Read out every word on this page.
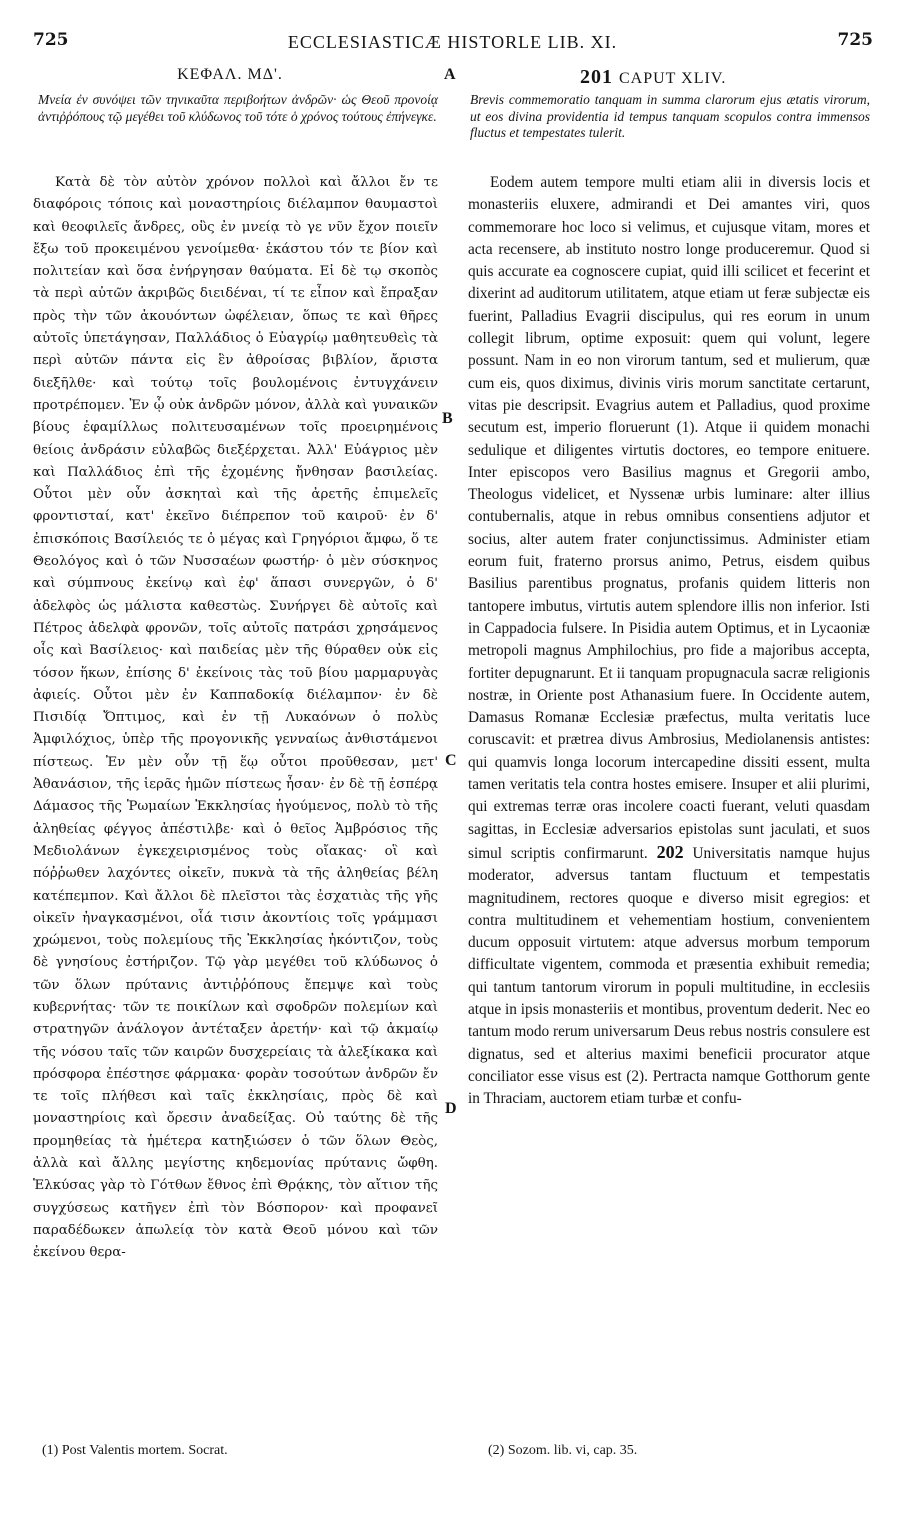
725	ECCLESIASTICÆ HISTORLE LIB. XI.	725
ΚΕΦΑΛ. ΜΔ'.	201 CAPUT XLIV.
Μνεία ἐν συνόψει τῶν τηνικαῦτα περιβοήτων ἀνδρῶν· ὡς Θεοῦ προνοίᾳ ἀντιῤῥόπους τῷ μεγέθει τοῦ κλύδωνος τοῦ τότε ὁ χρόνος τούτους ἐπήνεγκε.
Brevis commemoratio tanquam in summa clarorum ejus ætatis virorum, ut eos divina providentia id tempus tanquam scopulos contra immensos fluctus et tempestates tulerit.

Κατὰ δὲ τὸν αὐτὸν χρόνον πολλοὶ καὶ ἄλλοι ἔν τε διαφόροις τόποις καὶ μοναστηρίοις διέλαμπον θαυμαστοὶ καὶ θεοφιλεῖς ἄνδρες, οὓς ἐν μνείᾳ τὸ γε νῦν ἔχον ποιεῖν ἔξω τοῦ προκειμένου γενοίμεθα· ἑκάστου τόν τε βίον καὶ πολιτείαν καὶ ὅσα ἐνήργησαν θαύματα. Εἰ δὲ τῳ σκοπὸς τὰ περὶ αὐτῶν ἀκριβῶς διειδέναι, τί τε εἶπον καὶ ἔπραξαν πρὸς τὴν τῶν ἀκουόντων ὠφέλειαν, ὅπως τε καὶ θῆρες αὐτοῖς ὑπετάγησαν, Παλλάδιος ὁ Εὐαγρίῳ μαθητευθεὶς τὰ περὶ αὐτῶν πάντα εἰς ἓν ἀθροίσας βιβλίον, ἄριστα διεξῆλθε· καὶ τούτῳ τοῖς βουλομένοις ἐντυγχάνειν προτρέπομεν. Ἐν ᾧ οὐκ ἀνδρῶν μόνον, ἀλλὰ καὶ γυναικῶν βίους ἐφαμίλλως πολιτευσαμένων τοῖς προειρημένοις θείοις ἀνδράσιν εὐλαβῶς διεξέρχεται. Ἀλλ' Εὐάγριος μὲν καὶ Παλλάδιος ἐπὶ τῆς ἐχομένης ἤνθησαν βασιλείας. Οὗτοι μὲν οὖν ἀσκηταὶ καὶ τῆς ἀρετῆς ἐπιμελεῖς φροντισταί, κατ' ἐκεῖνο διέπρεπον τοῦ καιροῦ· ἐν δ' ἐπισκόποις Βασίλειός τε ὁ μέγας καὶ Γρηγόριοι ἄμφω, ὅ τε Θεολόγος καὶ ὁ τῶν Νυσσαέων φωστήρ· ὁ μὲν σύσκηνος καὶ σύμπνους ἐκείνῳ καὶ ἐφ' ἅπασι συνεργῶν, ὁ δ' ἀδελφὸς ὡς μάλιστα καθεστὼς. Συνήργει δὲ αὐτοῖς καὶ Πέτρος ἀδελφὰ φρονῶν, τοῖς αὐτοῖς πατράσι χρησάμενος οἷς καὶ Βασίλειος· καὶ παιδείας μὲν τῆς θύραθεν οὐκ εἰς τόσον ἥκων, ἐπίσης δ' ἐκείνοις τὰς τοῦ βίου μαρμαρυγὰς ἀφιείς. Οὗτοι μὲν ἐν Καππαδοκίᾳ διέλαμπον· ἐν δὲ Πισιδίᾳ Ὄπτιμος, καὶ ἐν τῇ Λυκαόνων ὁ πολὺς Ἀμφιλόχιος, ὑπὲρ τῆς προγονικῆς γενναίως ἀνθιστάμενοι πίστεως. Ἐν μὲν οὖν τῇ ἕῳ οὗτοι προῦθεσαν, μετ' Ἀθανάσιον, τῆς ἱερᾶς ἡμῶν πίστεως ἦσαν· ἐν δὲ τῇ ἑσπέρᾳ Δάμασος τῆς Ῥωμαίων Ἐκκλησίας ἡγούμενος, πολὺ τὸ τῆς ἀληθείας φέγγος ἀπέστιλβε· καὶ ὁ θεῖος Ἀμβρόσιος τῆς Μεδιολάνων ἐγκεχειρισμένος τοὺς οἴακας· οἳ καὶ πόῤῥωθεν λαχόντες οἰκεῖν, πυκνὰ τὰ τῆς ἀληθείας βέλη κατέπεμπον. Καὶ ἄλλοι δὲ πλεῖστοι τὰς ἐσχατιὰς τῆς γῆς οἰκεῖν ἠναγκασμένοι, οἷά τισιν ἀκοντίοις τοῖς γράμμασι χρώμενοι, τοὺς πολεμίους τῆς Ἐκκλησίας ἠκόντιζον, τοὺς δὲ γνησίους ἐστήριζον. Τῷ γὰρ μεγέθει τοῦ κλύδωνος ὁ τῶν ὅλων πρύτανις ἀντιῤῥόπους ἔπεμψε καὶ τοὺς κυβερνήτας· τῶν τε ποικίλων καὶ σφοδρῶν πολεμίων καὶ στρατηγῶν ἀνάλογον ἀντέταξεν ἀρετήν· καὶ τῷ ἀκμαίῳ τῆς νόσου ταῖς τῶν καιρῶν δυσχερείαις τὰ ἀλεξίκακα καὶ πρόσφορα ἐπέστησε φάρμακα· φορὰν τοσούτων ἀνδρῶν ἔν τε τοῖς πλήθεσι καὶ ταῖς ἐκκλησίαις, πρὸς δὲ καὶ μοναστηρίοις καὶ ὄρεσιν ἀναδείξας. Οὐ ταύτης δὲ τῆς προμηθείας τὰ ἡμέτερα κατηξιώσεν ὁ τῶν ὅλων Θεὸς, ἀλλὰ καὶ ἄλλης μεγίστης κηδεμονίας πρύτανις ὤφθη. Ἑλκύσας γὰρ τὸ Γότθων ἔθνος ἐπὶ Θρᾴκης, τὸν αἴτιον τῆς συγχύσεως κατῆγεν ἐπὶ τὸν Βόσπορον· καὶ προφανεῖ παραδέδωκεν ἀπωλείᾳ τὸν κατὰ Θεοῦ μόνου καὶ τῶν ἐκείνου θερα-

Eodem autem tempore multi etiam alii in diversis locis et monasteriis eluxere, admirandi et Dei amantes viri, quos commemorare hoc loco si velimus, et cujusque vitam, mores et acta recensere, ab instituto nostro longe produceremur. Quod si quis accurate ea cognoscere cupiat, quid illi scilicet et fecerint et dixerint ad auditorum utilitatem, atque etiam ut feræ subjectæ eis fuerint, Palladius Evagrii discipulus, qui res eorum in unum collegit librum, optime exposuit: quem qui volunt, legere possunt. Nam in eo non virorum tantum, sed et mulierum, quæ cum eis, quos diximus, divinis viris morum sanctitate certarunt, vitas pie descripsit. Evagrius autem et Palladius, quod proxime secutum est, imperio floruerunt (1). Atque ii quidem monachi sedulique et diligentes virtutis doctores, eo tempore enituere. Inter episcopos vero Basilius magnus et Gregorii ambo, Theologus videlicet, et Nyssenæ urbis luminare: alter illius contubernalis, atque in rebus omnibus consentiens adjutor et socius, alter autem frater conjunctissimus. Administer etiam eorum fuit, fraterno prorsus animo, Petrus, eisdem quibus Basilius parentibus prognatus, profanis quidem litteris non tantopere imbutus, virtutis autem splendore illis non inferior. Isti in Cappadocia fulsere. In Pisidia autem Optimus, et in Lycaoniæ metropoli magnus Amphilochius, pro fide a majoribus accepta, fortiter depugnarunt. Et ii tanquam propugnacula sacræ religionis nostræ, in Oriente post Athanasium fuere. In Occidente autem, Damasus Romanæ Ecclesiæ præfectus, multa veritatis luce coruscavit: et prætrea divus Ambrosius, Mediolanensis antistes: qui quamvis longa locorum intercapedine dissiti essent, multa tamen veritatis tela contra hostes emisere. Insuper et alii plurimi, qui extremas terræ oras incolere coacti fuerant, veluti quasdam sagittas, in Ecclesiæ adversarios epistolas sunt jaculati, et suos simul scriptis confirmarunt. 202 Universitatis namque hujus moderator, adversus tantam fluctuum et tempestatis magnitudinem, rectores quoque e diverso misit egregios: et contra multitudinem et vehementiam hostium, convenientem ducum opposuit virtutem: atque adversus morbum temporum difficultate vigentem, commoda et præsentia exhibuit remedia; qui tantum tantorum virorum in populi multitudine, in ecclesiis atque in ipsis monasteriis et montibus, proventum dederit. Nec eo tantum modo rerum universarum Deus rebus nostris consulere est dignatus, sed et alterius maximi beneficii procurator atque conciliator esse visus est (2). Pertracta namque Gotthorum gente in Thraciam, auctorem etiam turbæ et confu-

A
B
C
D
(1) Post Valentis mortem. Socrat.	(2) Sozom. lib. vi, cap. 35.
